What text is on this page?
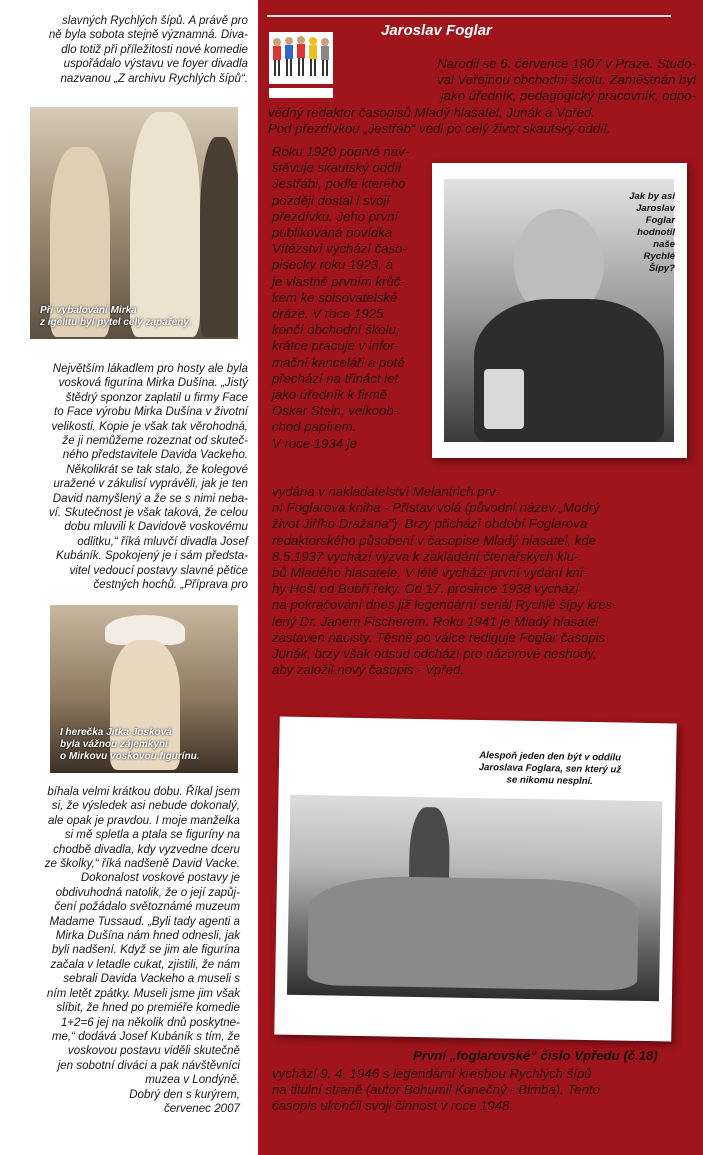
slavných Rychlých šípů. A právě pro
ně byla sobota stejně významná. Diva-
dlo totiž při příležitosti nové komedie
uspořádalo výstavu ve foyer divadla
nazvanou „Z archivu Rychlých šípů“.

Při vybalování Mirka
z igelitu byl pytel celý zapařený.

Největším lákadlem pro hosty ale byla
vosková figurína Mirka Dušína. „Jistý
štědrý sponzor zaplatil u firmy Face
to Face výrobu Mirka Dušína v životní
velikosti. Kopie je však tak věrohodná,
že ji nemůžeme rozeznat od skuteč-
ného představitele Davida Vackeho.
Několikrát se tak stalo, že kolegové
uražené v zákulisí vyprávěli, jak je ten
David namyšlený a že se s nimi neba-
ví. Skutečnost je však taková, že celou
dobu mluvili k Davidově voskovému
odlitku,“ říká mluvčí divadla Josef
Kubáník. Spokojený je i sám předsta-
vitel vedoucí postavy slavné pětice
čestných hochů. „Příprava pro

I herečka Jitka Josková
byla vážnou zájemkyní
o Mirkovu voskovou figurínu.

bíhala velmi krátkou dobu. Říkal jsem
si, že výsledek asi nebude dokonalý,
ale opak je pravdou. I moje manželka
si mě spletla a ptala se figuríny na
chodbě divadla, kdy vyzvedne dceru
ze školky,“ říká nadšeně David Vacke.
Dokonalost voskové postavy je
obdivuhodná natolik, že o její zapůj-
čení požádalo světoznámé muzeum
Madame Tussaud. „Byli tady agenti a
Mirka Dušína nám hned odnesli, jak
byli nadšení. Když se jim ale figurína
začala v letadle cukat, zjistili, že nám
sebrali Davida Vackeho a museli s
ním letět zpátky. Museli jsme jim však
slíbit, že hned po premiéře komedie
1+2=6 jej na několik dnů poskytne-
me,“ dodává Josef Kubáník s tím, že
voskovou postavu viděli skutečně
jen sobotní diváci a pak návštěvníci
muzea v Londýně.
Dobrý den s kurýrem,
červenec 2007

Jaroslav Foglar

Narodil se 6. července 1907 v Praze. Studo-
val Veřejnou obchodní školu. Zaměstnán byl
jako úředník, pedagogický pracovník, odpo-

vědný redaktor časopisů Mladý hlasatel, Junák a Vpřed.
Pod přezdívkou „Jestřáb“ vedl po celý život skautský oddíl.

Roku 1920 poprvé nav-
štěvuje skautský oddíl
Jestřábi, podle kterého
později dostal i svoji
přezdívku. Jeho první
publikovaná povídka
Vítězství vychází časo-
pisecky roku 1923, a
je vlastně prvním krůč-
kem ke spisovatelské
dráze. V roce 1925
končí obchodní školu,
krátce pracuje v infor-
mační kanceláři a poté
přechází na třináct let
jako úředník k firmě
Oskar Stein, velkoob-
chod papírem.
V roce 1934 je

Jak by asi
Jaroslav
Foglar
hodnotil
naše
Rychlé
Šípy?

vydána v nakladatelství Melantrich prv-
ní Foglarova kniha - Přístav volá (původní název „Modrý
život Jiřího Dražana“). Brzy přichází období Foglarova
redaktorského působení v časopise Mladý hlasatel, kde
8.5.1937 vychází výzva k zakládání čtenářských klu-
bů Mladého hlasatele. V létě vychází první vydání kni-
hy Hoši od Bobří řeky. Od 17. prosince 1938 vychází
na pokračování dnes již legendární seriál Rychlé šípy kres-
lený Dr. Janem Fischerem. Roku 1941 je Mladý hlasatel
zastaven nacisty. Těsně po válce rediguje Foglar časopis
Junák, brzy však odsud odchází pro názorové neshody,
aby založil nový časopis - Vpřed.

Alespoň jeden den být v oddílu
Jaroslava Foglara, sen který už
se nikomu nesplní.

První „foglarovské“ číslo Vpředu (č.18)

vychází 9. 4. 1946 s legendární kresbou Rychlých šípů
na titulní straně (autor Bohumil Konečný - Bimba). Tento
časopis ukončil svoji činnost v roce 1948.
